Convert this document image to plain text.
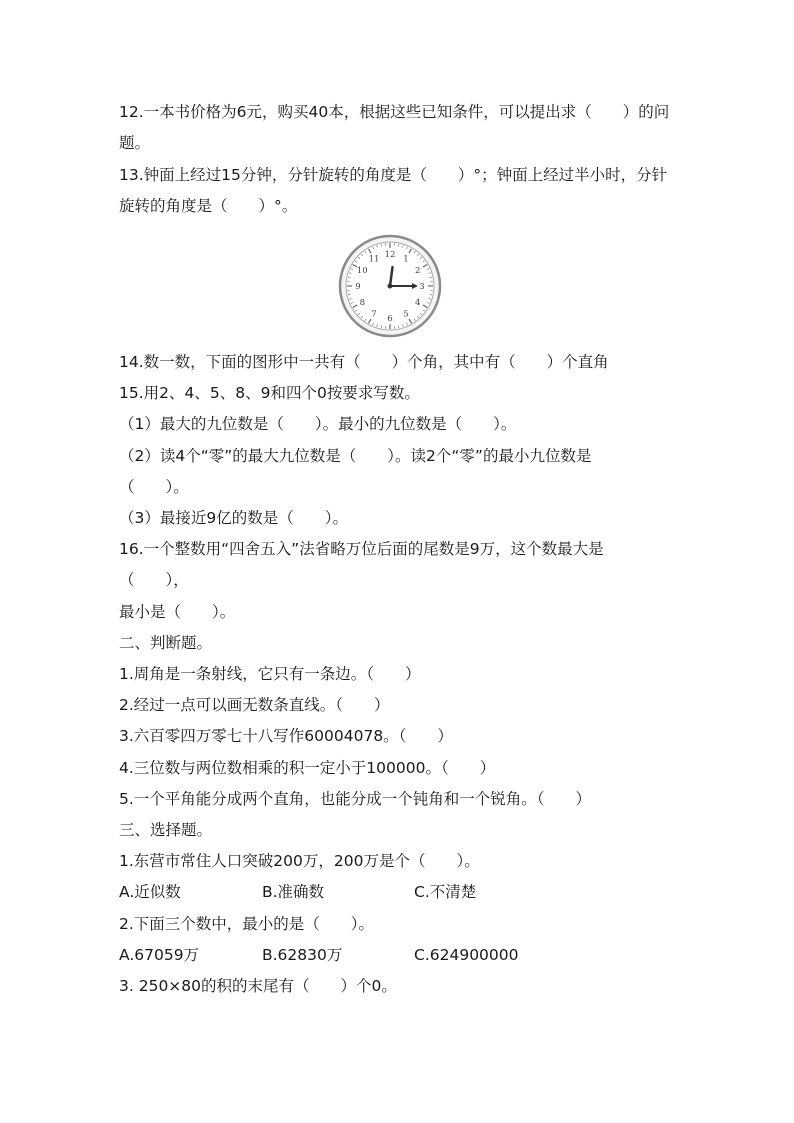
12.一本书价格为6元，购买40本，根据这些已知条件，可以提出求（　　）的问
题。
13.钟面上经过15分钟，分针旋转的角度是（　　）°；钟面上经过半小时，分针
旋转的角度是（　　）°。
12 1
2
3
4
5
6
7
8
9
10
11
14.数一数，下面的图形中一共有（　　）个角，其中有（　　）个直角
15.用2、4、5、8、9和四个0按要求写数。
（1）最大的九位数是（　　）。最小的九位数是（　　）。
（2）读4个“零”的最大九位数是（　　）。读2个“零”的最小九位数是
（　　）。
（3）最接近9亿的数是（　　）。
16.一个整数用“四舍五入”法省略万位后面的尾数是9万，这个数最大是
（　　），
最小是（　　）。
二、判断题。
1.周角是一条射线，它只有一条边。（　　）
2.经过一点可以画无数条直线。（　　）
3.六百零四万零七十八写作60004078。（　　）
4.三位数与两位数相乘的积一定小于100000。（　　）
5.一个平角能分成两个直角，也能分成一个钝角和一个锐角。（　　）
三、选择题。
1.东营市常住人口突破200万，200万是个（　　）。
A.近似数	B.准确数	C.不清楚
2.下面三个数中，最小的是（　　）。
A.67059万	B.62830万	C.624900000
3. 250×80的积的末尾有（　　）个0。
